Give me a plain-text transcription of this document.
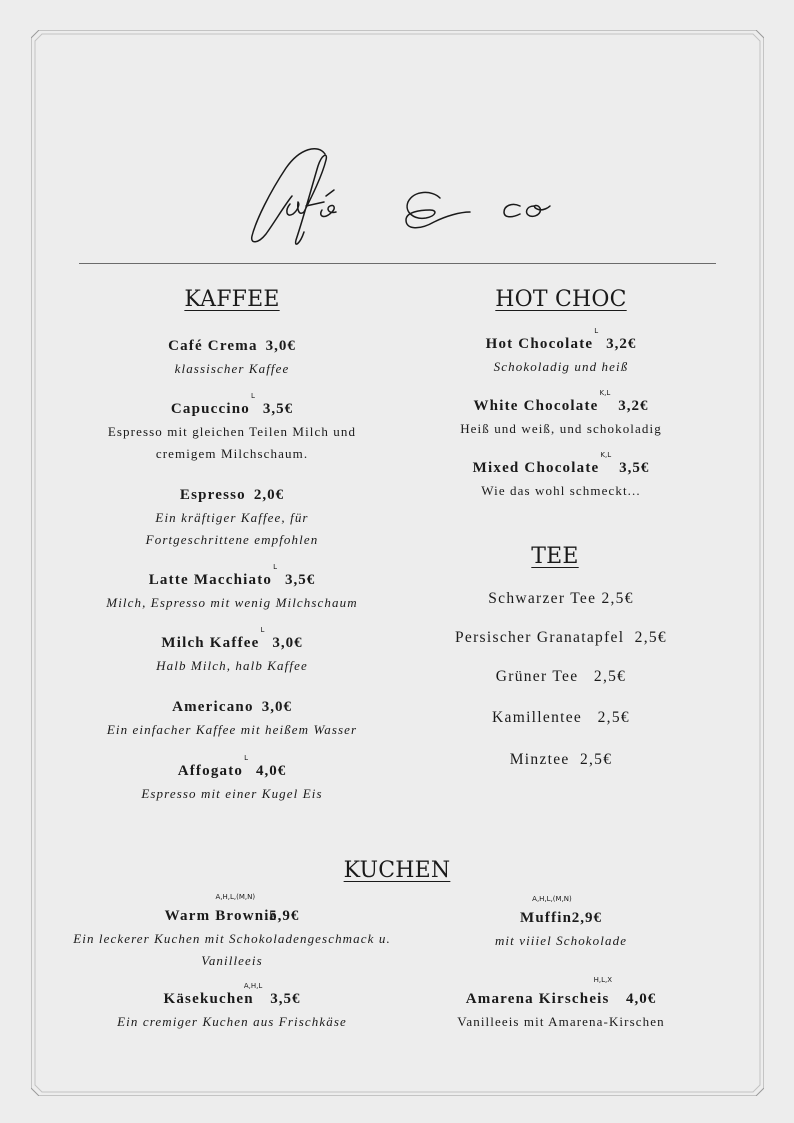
KAFFEE	HOT CHOC
TEE
KUCHEN
Café Crema 3,0€
klassischer Kaffee
Capuccino$^L$3,5€
Espresso mit gleichen Teilen Milch und cremigem Milchschaum.
Espresso 2,0€
Ein kräftiger Kaffee, für Fortgeschrittene empfohlen
Latte Macchiato$^L$3,5€
Milch, Espresso mit wenig Milchschaum
Milch Kaffee$^L$3,0€
Halb Milch, halb Kaffee
Americano 3,0€
Ein einfacher Kaffee mit heißem Wasser
Affogato$^L$4,0€
Espresso mit einer Kugel Eis
Hot Chocolate$^L$3,2€
Schokoladig und heiß
White Chocolate$^{K,L}$3,2€
Heiß und weiß, und schokoladig
Mixed Chocolate$^{K,L}$3,5€
Wie das wohl schmeckt...
Schwarzer Tee 2,5€
Persischer Granatapfel  2,5€
Grüner Tee   2,5€
Kamillentee   2,5€
Minztee  2,5€
Warm Brownie$^{A,H,L,(M,N)}$5,9€
Ein leckerer Kuchen mit Schokoladengeschmack u. Vanilleeis
Muffin$^{A,H,L,(M,N)}$2,9€
mit viiiel Schokolade
Käsekuchen$^{A,H,L}$3,5€
Ein cremiger Kuchen aus Frischkäse
Amarena Kirscheis$^{H,L,X}$4,0€
Vanilleeis mit Amarena-Kirschen
